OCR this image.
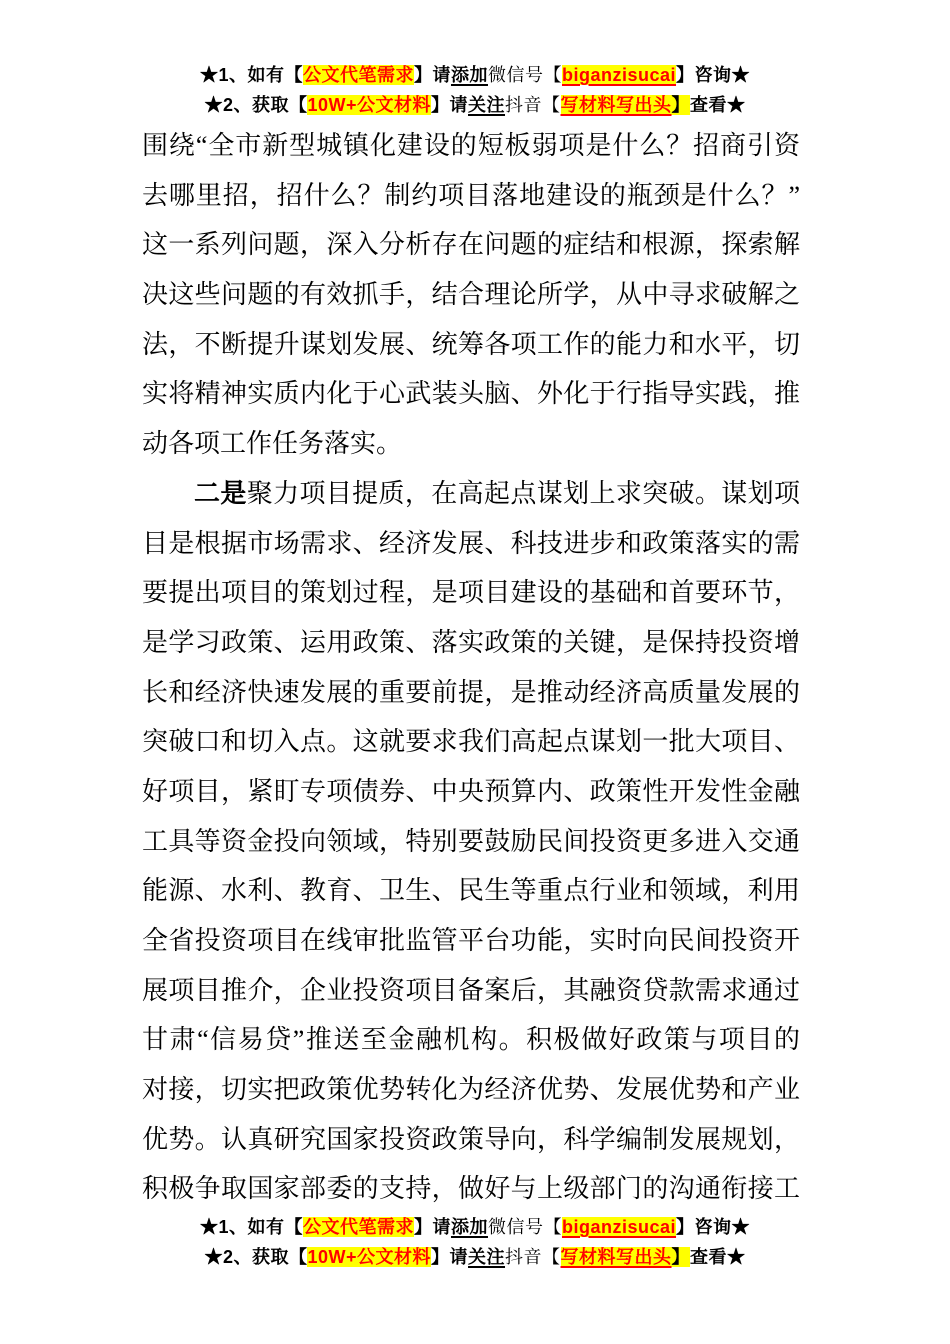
★1、如有【公文代笔需求】请添加微信号【biganzisucai】咨询★
★2、获取【10W+公文材料】请关注抖音【写材料写出头】查看★
围绕“全市新型城镇化建设的短板弱项是什么？招商引资
去哪里招，招什么？制约项目落地建设的瓶颈是什么？”
这一系列问题，深入分析存在问题的症结和根源，探索解
决这些问题的有效抓手，结合理论所学，从中寻求破解之
法，不断提升谋划发展、统筹各项工作的能力和水平，切
实将精神实质内化于心武装头脑、外化于行指导实践，推
动各项工作任务落实。
二是聚力项目提质，在高起点谋划上求突破。谋划项
目是根据市场需求、经济发展、科技进步和政策落实的需
要提出项目的策划过程，是项目建设的基础和首要环节，
是学习政策、运用政策、落实政策的关键，是保持投资增
长和经济快速发展的重要前提，是推动经济高质量发展的
突破口和切入点。这就要求我们高起点谋划一批大项目、
好项目，紧盯专项债券、中央预算内、政策性开发性金融
工具等资金投向领域，特别要鼓励民间投资更多进入交通
能源、水利、教育、卫生、民生等重点行业和领域，利用
全省投资项目在线审批监管平台功能，实时向民间投资开
展项目推介，企业投资项目备案后，其融资贷款需求通过
甘肃“信易贷”推送至金融机构。积极做好政策与项目的
对接，切实把政策优势转化为经济优势、发展优势和产业
优势。认真研究国家投资政策导向，科学编制发展规划，
积极争取国家部委的支持，做好与上级部门的沟通衔接工
★1、如有【公文代笔需求】请添加微信号【biganzisucai】咨询★
★2、获取【10W+公文材料】请关注抖音【写材料写出头】查看★
